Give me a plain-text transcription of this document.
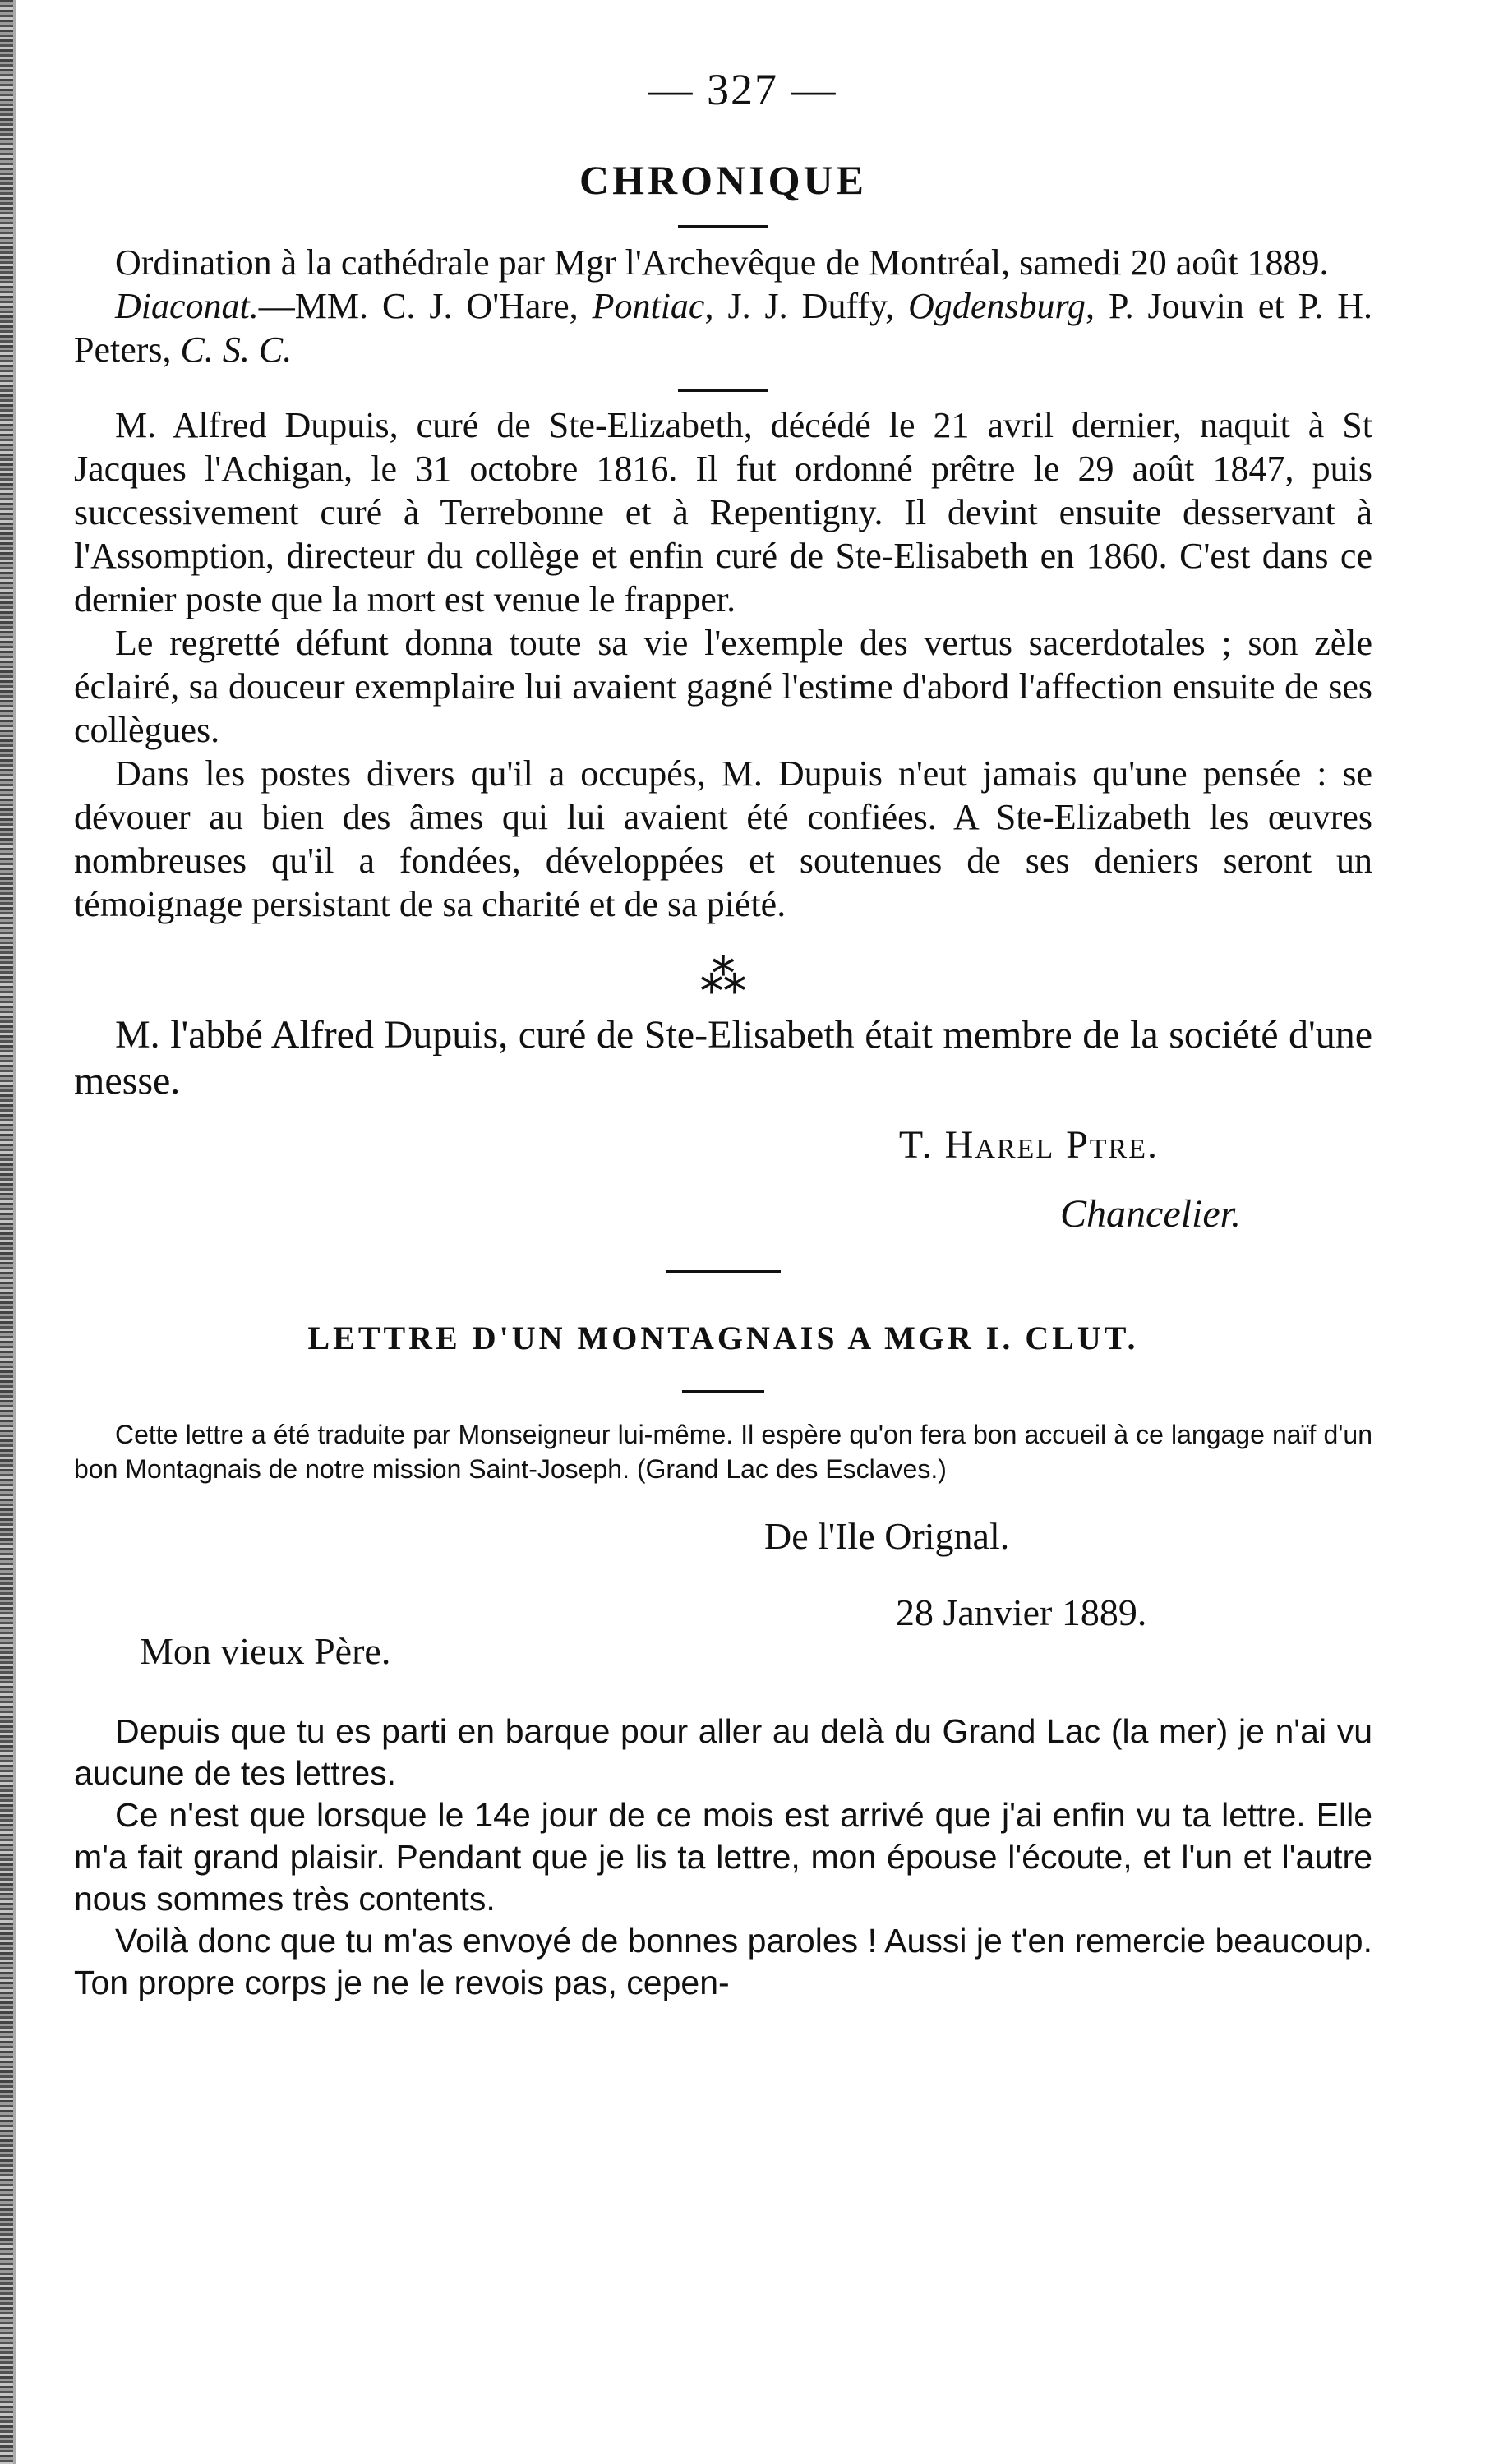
— 327 —
CHRONIQUE

Ordination à la cathédrale par Mgr l'Archevêque de Montréal, samedi 20 août 1889.

Diaconat.—MM. C. J. O'Hare, Pontiac, J. J. Duffy, Ogdensburg, P. Jouvin et P. H. Peters, C. S. C.

M. Alfred Dupuis, curé de Ste-Elizabeth, décédé le 21 avril dernier, naquit à St Jacques l'Achigan, le 31 octobre 1816. Il fut ordonné prêtre le 29 août 1847, puis successivement curé à Terrebonne et à Repentigny. Il devint ensuite desservant à l'Assomption, directeur du collège et enfin curé de Ste-Elisabeth en 1860. C'est dans ce dernier poste que la mort est venue le frapper.

Le regretté défunt donna toute sa vie l'exemple des vertus sacerdotales ; son zèle éclairé, sa douceur exemplaire lui avaient gagné l'estime d'abord l'affection ensuite de ses collègues.

Dans les postes divers qu'il a occupés, M. Dupuis n'eut jamais qu'une pensée : se dévouer au bien des âmes qui lui avaient été confiées. A Ste-Elizabeth les œuvres nombreuses qu'il a fondées, développées et soutenues de ses deniers seront un témoignage persistant de sa charité et de sa piété.

⁂

M. l'abbé Alfred Dupuis, curé de Ste-Elisabeth était membre de la société d'une messe.

T. Harel Ptre.

Chancelier.

LETTRE D'UN MONTAGNAIS A MGR I. CLUT.

Cette lettre a été traduite par Monseigneur lui-même. Il espère qu'on fera bon accueil à ce langage naïf d'un bon Montagnais de notre mission Saint-Joseph. (Grand Lac des Esclaves.)

De l'Ile Orignal.
28 Janvier 1889.
Mon vieux Père.

Depuis que tu es parti en barque pour aller au delà du Grand Lac (la mer) je n'ai vu aucune de tes lettres.

Ce n'est que lorsque le 14e jour de ce mois est arrivé que j'ai enfin vu ta lettre. Elle m'a fait grand plaisir. Pendant que je lis ta lettre, mon épouse l'écoute, et l'un et l'autre nous sommes très contents.

Voilà donc que tu m'as envoyé de bonnes paroles ! Aussi je t'en remercie beaucoup. Ton propre corps je ne le revois pas, cepen-
